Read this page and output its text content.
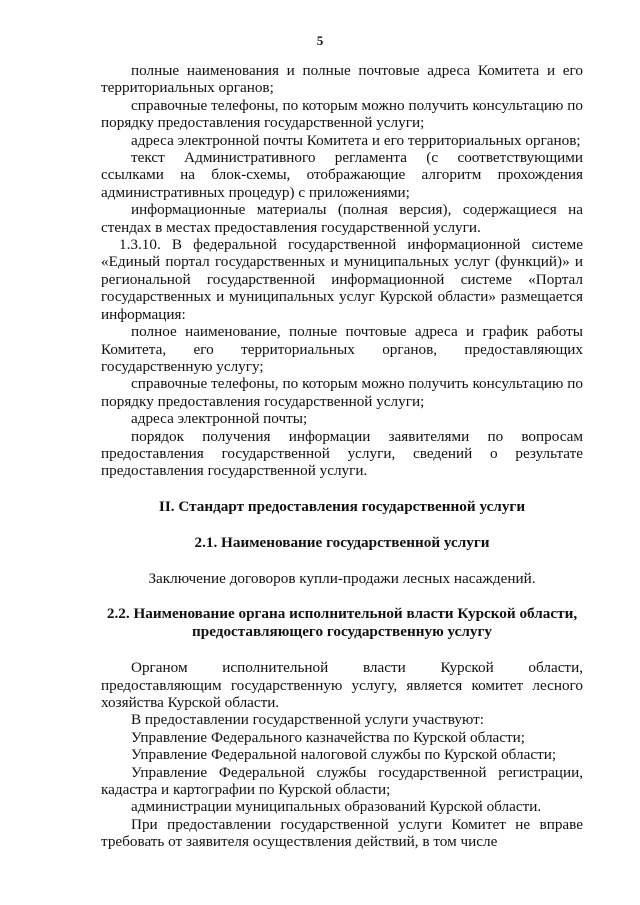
5

полные наименования и полные почтовые адреса Комитета и его территориальных органов;

справочные телефоны, по которым можно получить консультацию по порядку предоставления государственной услуги;

адреса электронной почты Комитета и его территориальных органов;

текст Административного регламента (с соответствующими ссылками на блок-схемы, отображающие алгоритм прохождения административных процедур) с приложениями;

информационные материалы (полная версия), содержащиеся на стендах в местах предоставления государственной услуги.

1.3.10. В федеральной государственной информационной системе «Единый портал государственных и муниципальных услуг (функций)» и региональной государственной информационной системе «Портал государственных и муниципальных услуг Курской области» размещается информация:

полное наименование, полные почтовые адреса и график работы Комитета, его территориальных органов, предоставляющих государственную услугу;

справочные телефоны, по которым можно получить консультацию по порядку предоставления государственной услуги;

адреса электронной почты;

порядок получения информации заявителями по вопросам предоставления государственной услуги, сведений о результате предоставления государственной услуги.

II. Стандарт предоставления государственной услуги
2.1. Наименование государственной услуги

Заключение договоров купли-продажи лесных насаждений.

2.2. Наименование органа исполнительной власти Курской области,
предоставляющего государственную услугу

Органом исполнительной власти Курской области, предоставляющим государственную услугу, является комитет лесного хозяйства Курской области.

В предоставлении государственной услуги участвуют:

Управление Федерального казначейства по Курской области;

Управление Федеральной налоговой службы по Курской области;

Управление Федеральной службы государственной регистрации, кадастра и картографии по Курской области;

администрации муниципальных образований Курской области.

При предоставлении государственной услуги Комитет не вправе требовать от заявителя осуществления действий, в том числе
